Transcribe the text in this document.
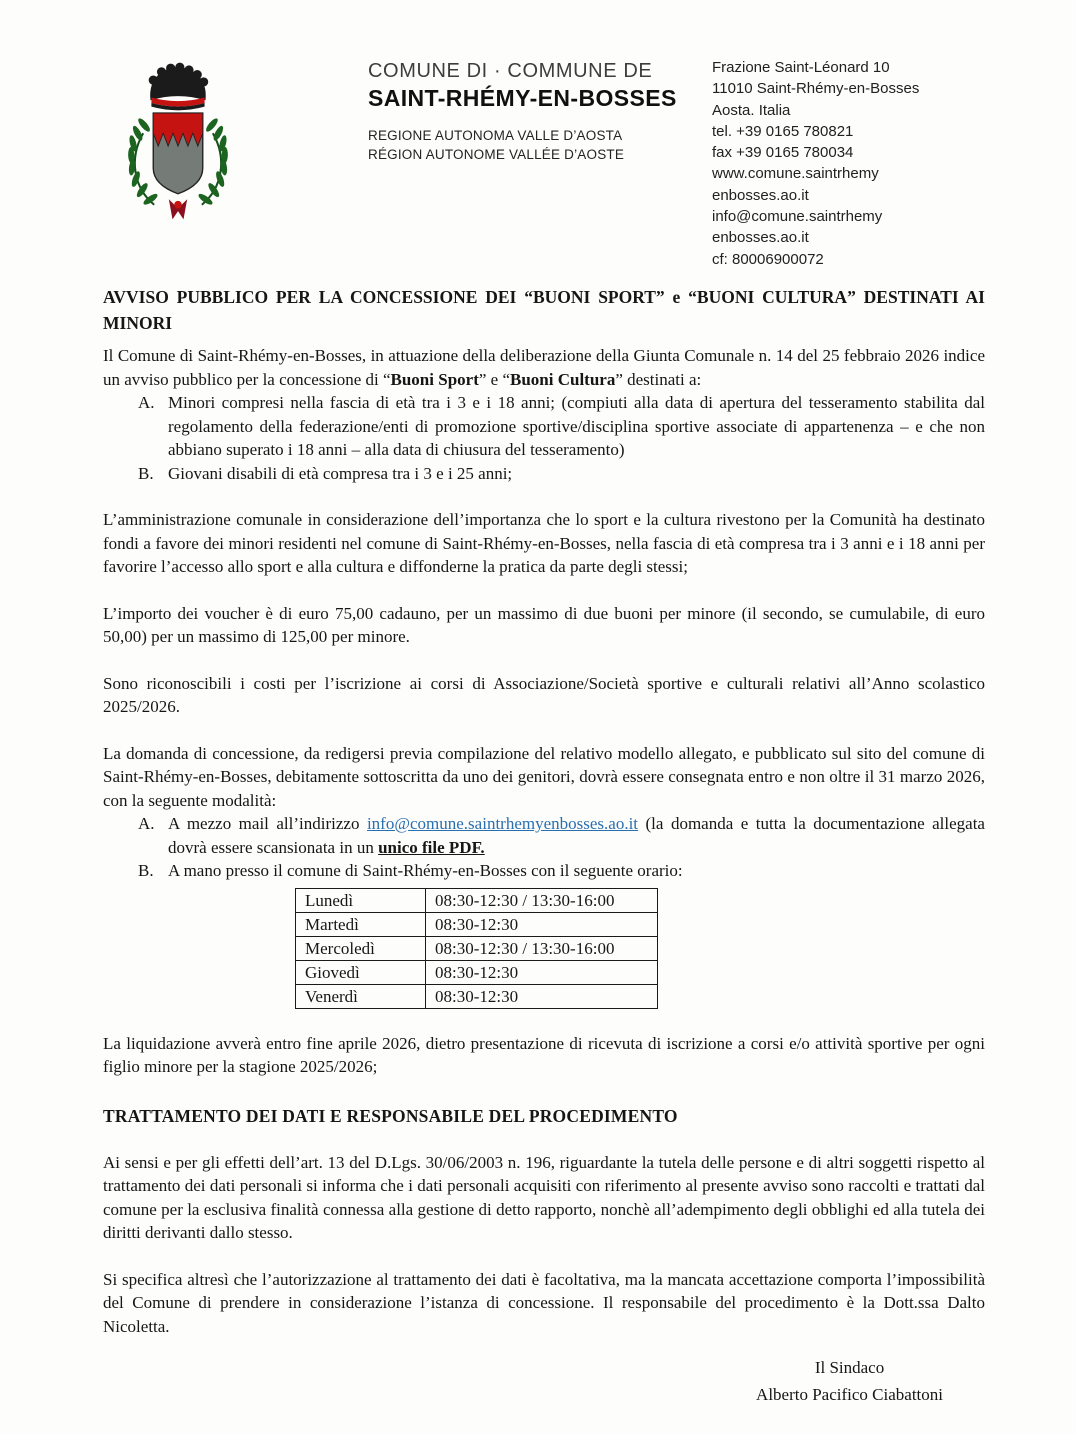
COMUNE DI · COMMUNE DE
SAINT-RHÉMY-EN-BOSSES
REGIONE AUTONOMA VALLE D’AOSTA
RÉGION AUTONOME VALLÉE D’AOSTE
Frazione Saint-Léonard 10
11010 Saint-Rhémy-en-Bosses
Aosta. Italia
tel. +39 0165 780821
fax +39 0165 780034
www.comune.saintrhemy
enbosses.ao.it
info@comune.saintrhemy
enbosses.ao.it
cf: 80006900072
AVVISO PUBBLICO PER LA CONCESSIONE DEI “BUONI SPORT” e “BUONI CULTURA” DESTINATI AI MINORI

Il Comune di Saint-Rhémy-en-Bosses, in attuazione della deliberazione della Giunta Comunale n. 14 del 25 febbraio 2026 indice un avviso pubblico per la concessione di “Buoni Sport” e “Buoni Cultura” destinati a:

A. Minori compresi nella fascia di età tra i 3 e i 18 anni; (compiuti alla data di apertura del tesseramento stabilita dal regolamento della federazione/enti di promozione sportive/disciplina sportive associate di appartenenza – e che non abbiano superato i 18 anni – alla data di chiusura del tesseramento)
B. Giovani disabili di età compresa tra i 3 e i 25 anni;

L’amministrazione comunale in considerazione dell’importanza che lo sport e la cultura rivestono per la Comunità ha destinato fondi a favore dei minori residenti nel comune di Saint-Rhémy-en-Bosses, nella fascia di età compresa tra i 3 anni e i 18 anni per favorire l’accesso allo sport e alla cultura e diffonderne la pratica da parte degli stessi;

L’importo dei voucher è di euro 75,00 cadauno, per un massimo di due buoni per minore (il secondo, se cumulabile, di euro 50,00) per un massimo di 125,00 per minore.

Sono riconoscibili i costi per l’iscrizione ai corsi di Associazione/Società sportive e culturali relativi all’Anno scolastico 2025/2026.

La domanda di concessione, da redigersi previa compilazione del relativo modello allegato, e pubblicato sul sito del comune di Saint-Rhémy-en-Bosses, debitamente sottoscritta da uno dei genitori, dovrà essere consegnata entro e non oltre il 31 marzo 2026, con la seguente modalità:

A. A mezzo mail all’indirizzo info@comune.saintrhemyenbosses.ao.it (la domanda e tutta la documentazione allegata dovrà essere scansionata in un unico file PDF.
B. A mano presso il comune di Saint-Rhémy-en-Bosses con il seguente orario:
Lunedì	08:30-12:30 / 13:30-16:00
Martedì	08:30-12:30
Mercoledì	08:30-12:30 / 13:30-16:00
Giovedì	08:30-12:30
Venerdì	08:30-12:30

La liquidazione avverà entro fine aprile 2026, dietro presentazione di ricevuta di iscrizione a corsi e/o attività sportive per ogni figlio minore per la stagione 2025/2026;

TRATTAMENTO DEI DATI E RESPONSABILE DEL PROCEDIMENTO

Ai sensi e per gli effetti dell’art. 13 del D.Lgs. 30/06/2003 n. 196, riguardante la tutela delle persone e di altri soggetti rispetto al trattamento dei dati personali si informa che i dati personali acquisiti con riferimento al presente avviso sono raccolti e trattati dal comune per la esclusiva finalità connessa alla gestione di detto rapporto, nonchè all’adempimento degli obblighi ed alla tutela dei diritti derivanti dallo stesso.

Si specifica altresì che l’autorizzazione al trattamento dei dati è facoltativa, ma la mancata accettazione comporta l’impossibilità del Comune di prendere in considerazione l’istanza di concessione. Il responsabile del procedimento è la Dott.ssa Dalto Nicoletta.

Il Sindaco
Alberto Pacifico Ciabattoni
